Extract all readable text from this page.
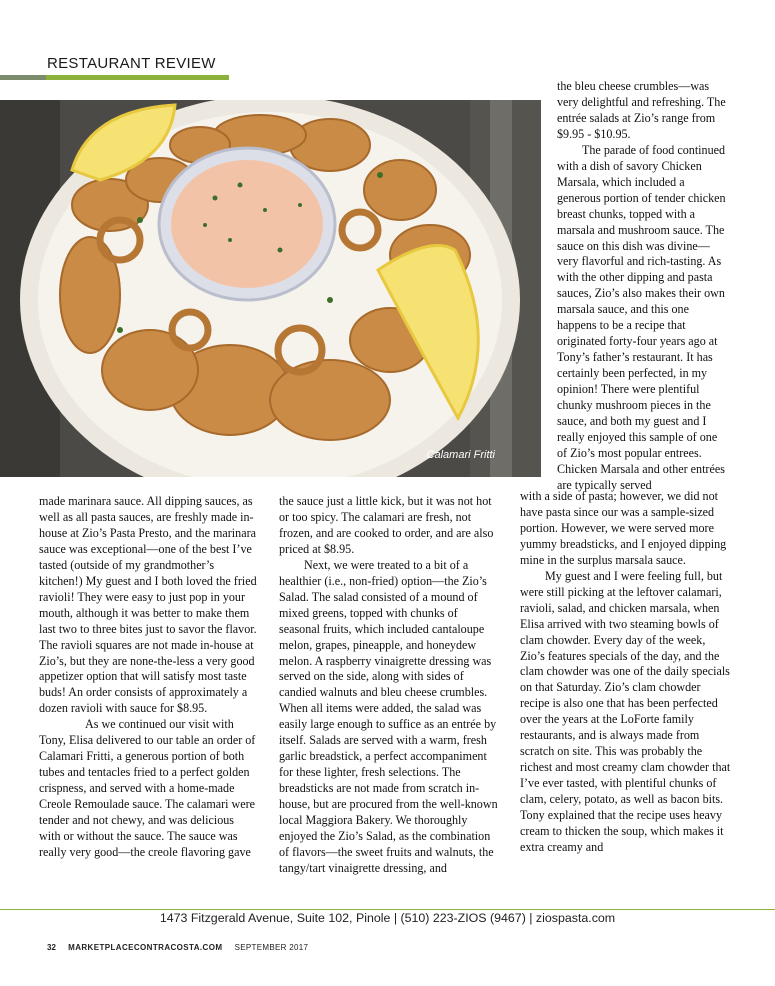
RESTAURANT REVIEW
Calamari Fritti

the bleu cheese crumbles—was very delightful and refreshing. The entrée salads at Zio’s range from $9.95 - $10.95.

The parade of food continued with a dish of savory Chicken Marsala, which included a generous portion of tender chicken breast chunks, topped with a marsala and mushroom sauce. The sauce on this dish was divine—very flavorful and rich-tasting. As with the other dipping and pasta sauces, Zio’s also makes their own marsala sauce, and this one happens to be a recipe that originated forty-four years ago at Tony’s father’s restaurant. It has certainly been perfected, in my opinion! There were plentiful chunky mushroom pieces in the sauce, and both my guest and I really enjoyed this sample of one of Zio’s most popular entrees. Chicken Marsala and other entrées are typically served

made marinara sauce. All dipping sauces, as well as all pasta sauces, are freshly made in-house at Zio’s Pasta Presto, and the marinara sauce was exceptional—one of the best I’ve tasted (outside of my grandmother’s kitchen!) My guest and I both loved the fried ravioli! They were easy to just pop in your mouth, although it was better to make them last two to three bites just to savor the flavor. The ravioli squares are not made in-house at Zio’s, but they are none-the-less a very good appetizer option that will satisfy most taste buds! An order consists of approximately a dozen ravioli with sauce for $8.95.

As we continued our visit with Tony, Elisa delivered to our table an order of Calamari Fritti, a generous portion of both tubes and tentacles fried to a perfect golden crispness, and served with a home-made Creole Remoulade sauce. The calamari were tender and not chewy, and was delicious with or without the sauce. The sauce was really very good—the creole flavoring gave

the sauce just a little kick, but it was not hot or too spicy. The calamari are fresh, not frozen, and are cooked to order, and are also priced at $8.95.

Next, we were treated to a bit of a healthier (i.e., non-fried) option—the Zio’s Salad. The salad consisted of a mound of mixed greens, topped with chunks of seasonal fruits, which included cantaloupe melon, grapes, pineapple, and honeydew melon. A raspberry vinaigrette dressing was served on the side, along with sides of candied walnuts and bleu cheese crumbles. When all items were added, the salad was easily large enough to suffice as an entrée by itself. Salads are served with a warm, fresh garlic breadstick, a perfect accompaniment for these lighter, fresh selections. The breadsticks are not made from scratch in-house, but are procured from the well-known local Maggiora Bakery. We thoroughly enjoyed the Zio’s Salad, as the combination of flavors—the sweet fruits and walnuts, the tangy/tart vinaigrette dressing, and

with a side of pasta; however, we did not have pasta since our was a sample-sized portion. However, we were served more yummy breadsticks, and I enjoyed dipping mine in the surplus marsala sauce.

My guest and I were feeling full, but were still picking at the leftover calamari, ravioli, salad, and chicken marsala, when Elisa arrived with two steaming bowls of clam chowder. Every day of the week, Zio’s features specials of the day, and the clam chowder was one of the daily specials on that Saturday. Zio’s clam chowder recipe is also one that has been perfected over the years at the LoForte family restaurants, and is always made from scratch on site. This was probably the richest and most creamy clam chowder that I’ve ever tasted, with plentiful chunks of clam, celery, potato, as well as bacon bits. Tony explained that the recipe uses heavy cream to thicken the soup, which makes it extra creamy and

1473 Fitzgerald Avenue, Suite 102, Pinole | (510) 223-ZIOS (9467) | ziospasta.com
32 MARKETPLACECONTRACOSTA.COM SEPTEMBER 2017
